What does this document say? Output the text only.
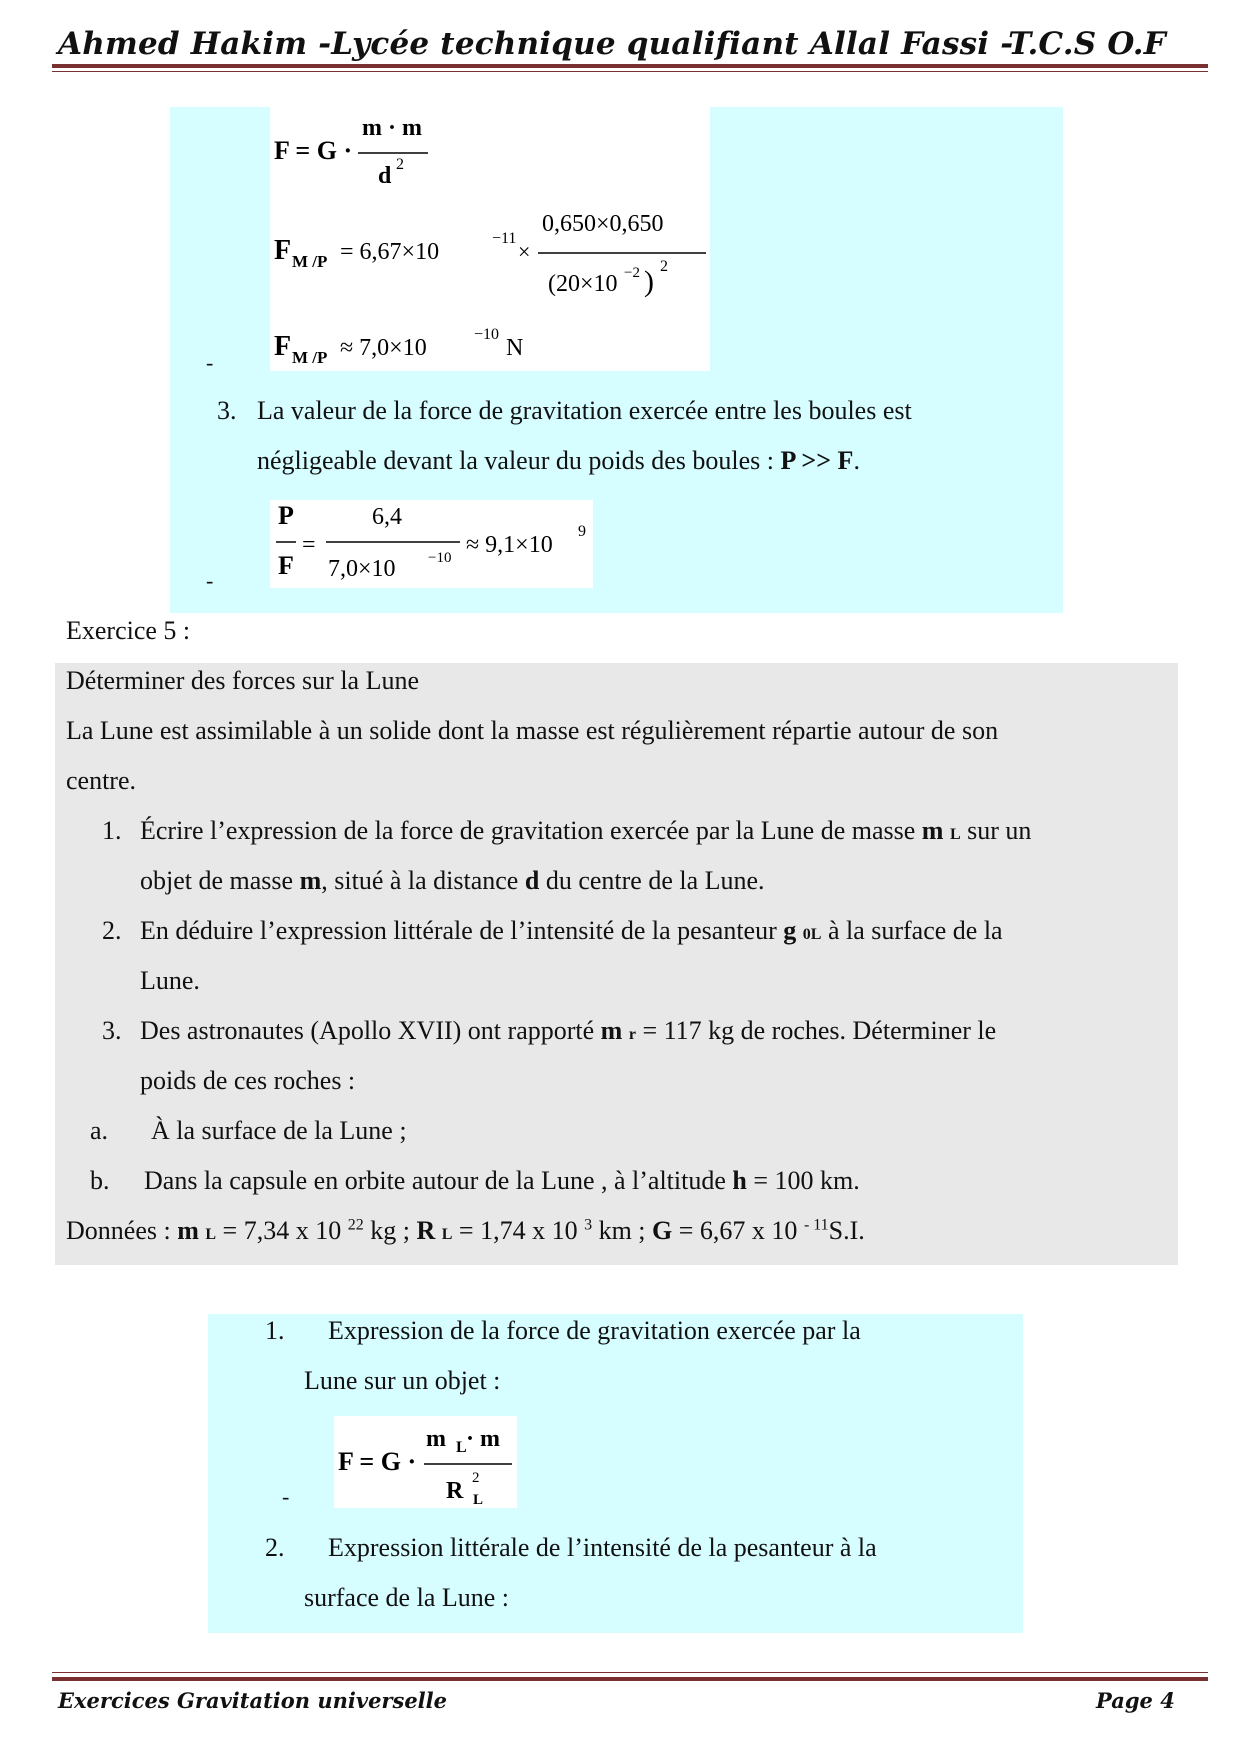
Ahmed Hakim -Lycée technique qualifiant Allal Fassi -T.C.S O.F
F = G ·
m · m
d 2
F M /P = 6,67×10
−11
×
0,650×0,650
(20×10 −2 ) 2
F M /P ≈ 7,0×10
−10
N
-
3. La valeur de la force de gravitation exercée entre les boules est
négligeable devant la valeur du poids des boules : P >> F.
P
F
=
6,4
7,0×10 −10 ≈ 9,1×10
9
-
Exercice 5 :
Déterminer des forces sur la Lune
La Lune est assimilable à un solide dont la masse est régulièrement répartie autour de son
centre.
1. Écrire l’expression de la force de gravitation exercée par la Lune de masse m L sur un
objet de masse m, situé à la distance d du centre de la Lune.
2. En déduire l’expression littérale de l’intensité de la pesanteur g 0L à la surface de la
Lune.
3. Des astronautes (Apollo XVII) ont rapporté m r = 117 kg de roches. Déterminer le
poids de ces roches :
a. À la surface de la Lune ;
b. Dans la capsule en orbite autour de la Lune , à l’altitude h = 100 km.
Données : m L = 7,34 x 10 $^{22}$ kg ; R L = 1,74 x 10 $^3$ km ; G = 6,67 x 10 $^{- 11}$S.I.
1. Expression de la force de gravitation exercée par la
Lune sur un objet :
F = G ·
m L · m
R 2
L
-
2. Expression littérale de l’intensité de la pesanteur à la
surface de la Lune :
Exercices Gravitation universelle	Page 4
